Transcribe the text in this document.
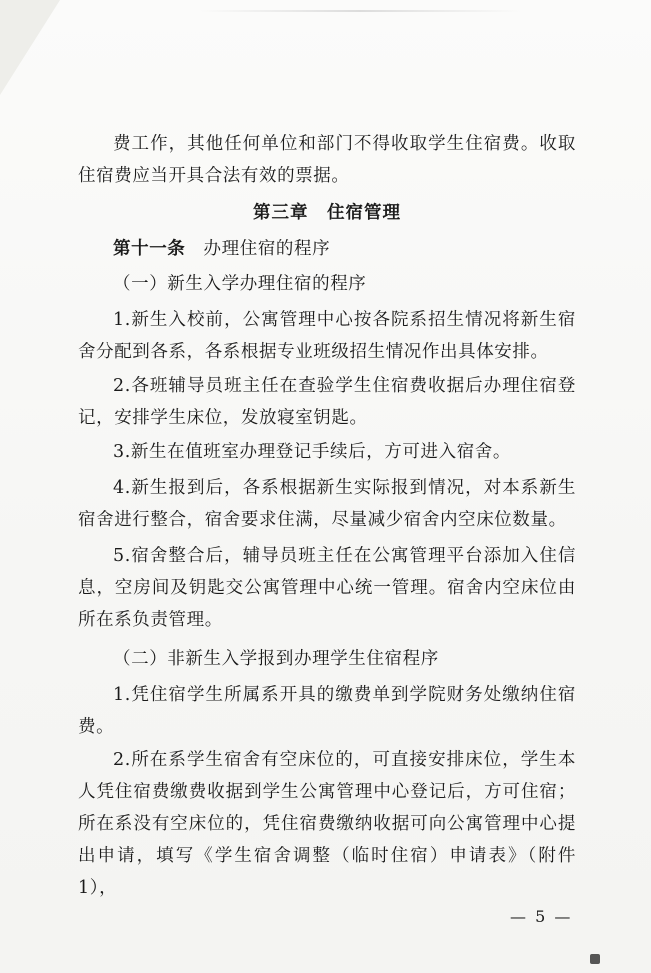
费工作，其他任何单位和部门不得收取学生住宿费。收取住宿费应当开具合法有效的票据。

第三章　住宿管理

第十一条　 办理住宿的程序

（一）新生入学办理住宿的程序

1.新生入校前，公寓管理中心按各院系招生情况将新生宿舍分配到各系，各系根据专业班级招生情况作出具体安排。

2.各班辅导员班主任在查验学生住宿费收据后办理住宿登记，安排学生床位，发放寝室钥匙。

3.新生在值班室办理登记手续后，方可进入宿舍。

4.新生报到后，各系根据新生实际报到情况，对本系新生宿舍进行整合，宿舍要求住满，尽量减少宿舍内空床位数量。

5.宿舍整合后，辅导员班主任在公寓管理平台添加入住信息，空房间及钥匙交公寓管理中心统一管理。宿舍内空床位由所在系负责管理。

（二）非新生入学报到办理学生住宿程序

1.凭住宿学生所属系开具的缴费单到学院财务处缴纳住宿费。

2.所在系学生宿舍有空床位的，可直接安排床位，学生本人凭住宿费缴费收据到学生公寓管理中心登记后，方可住宿；所在系没有空床位的，凭住宿费缴纳收据可向公寓管理中心提出申请，填写《学生宿舍调整（临时住宿）申请表》（附件1），

— 5 —
